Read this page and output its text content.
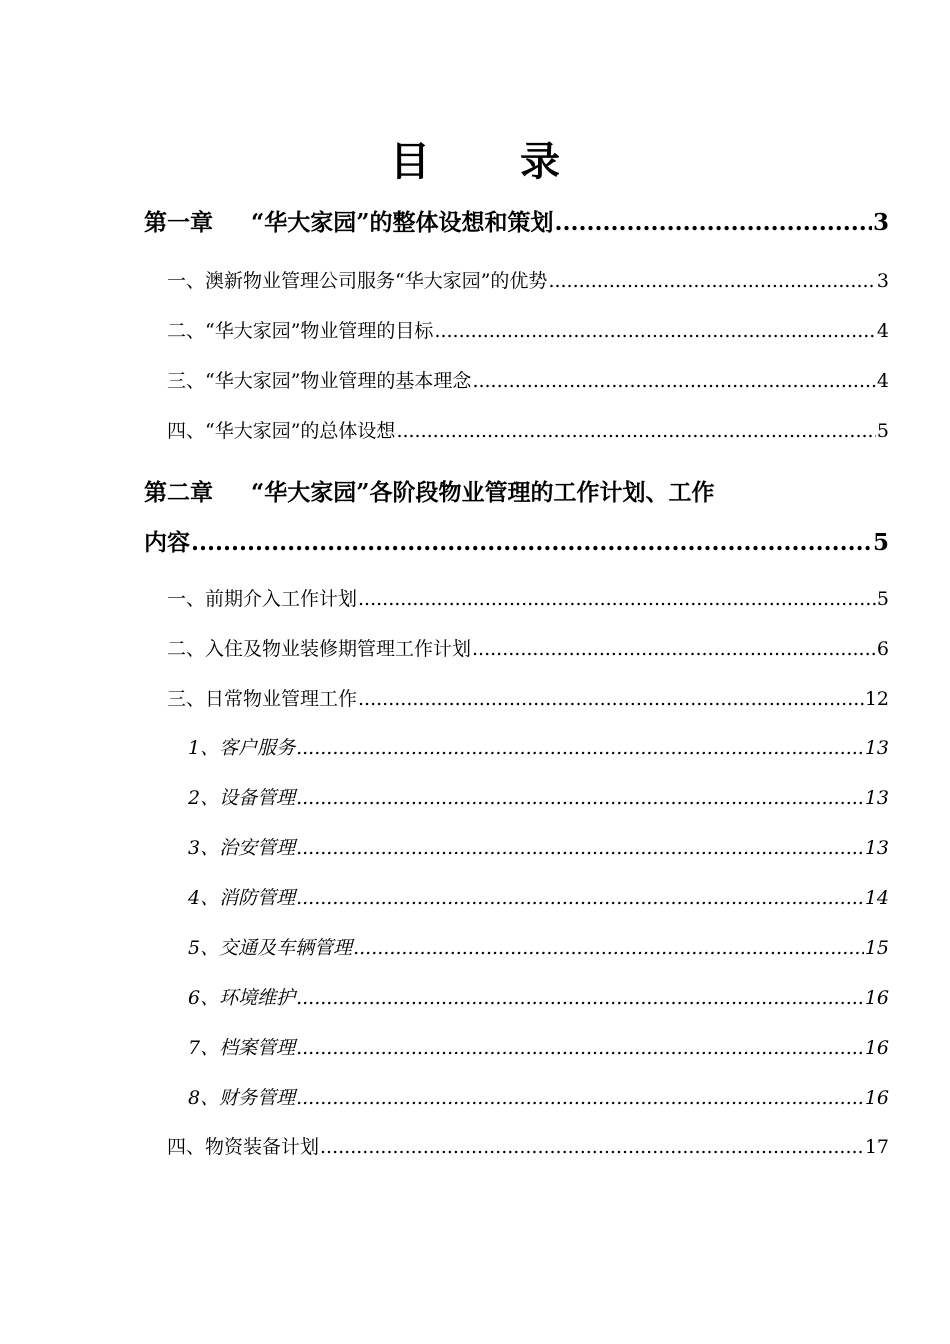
目 录
第一章 “华大家园”的整体设想和策划 .....	3
一、澳新物业管理公司服务“华大家园”的优势 .....	3
二、“华大家园”物业管理的目标 .....	4
三、“华大家园”物业管理的基本理念 .....	4
四、“华大家园”的总体设想 .....	5
第二章 “华大家园”各阶段物业管理的工作计划、工作
内容 .....	5
一、前期介入工作计划 .....	5
二、入住及物业装修期管理工作计划 .....	6
三、日常物业管理工作 .....	12
1、客户服务 .....	13
2、设备管理 .....	13
3、治安管理 .....	13
4、消防管理 .....	14
5、交通及车辆管理 .....	15
6、环境维护 .....	16
7、档案管理 .....	16
8、财务管理 .....	16
四、物资装备计划 .....	17
